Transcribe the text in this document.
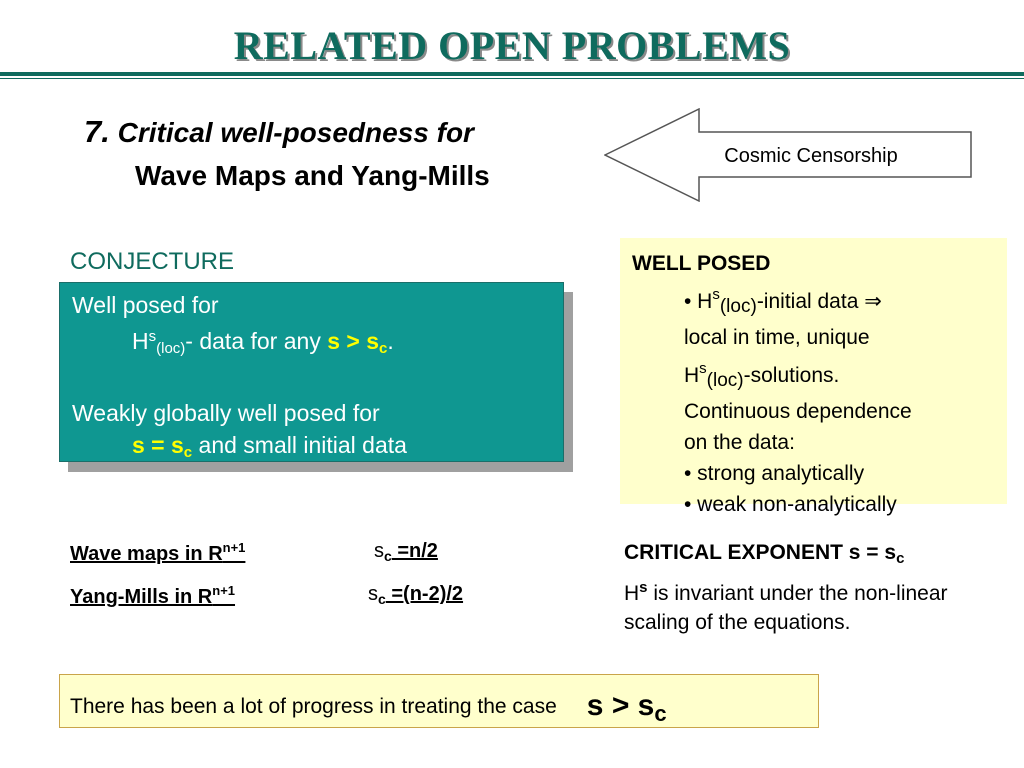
RELATED OPEN PROBLEMS
7. Critical well-posedness for
Wave Maps and Yang-Mills
Cosmic Censorship
CONJECTURE
Well posed for
$H^s_{(loc)}-$ data for any $s > s_c$.
Weakly globally well posed for
$s = s_c$ and small initial data
WELL POSED
• $H^s(loc)$-initial data ⇒
local in time, unique
$H^s(loc)$-solutions.
Continuous dependence
on the data:
• strong analytically
• weak non-analytically
Wave maps in $R^{n+1}$	$s_c =n/2$
Yang-Mills in $R^{n+1}$	$s_c =(n-2)/2$
CRITICAL EXPONENT s = sc
$H^s$ is invariant under the non-linear scaling of the equations.
There has been a lot of progress in treating the case s > sc
